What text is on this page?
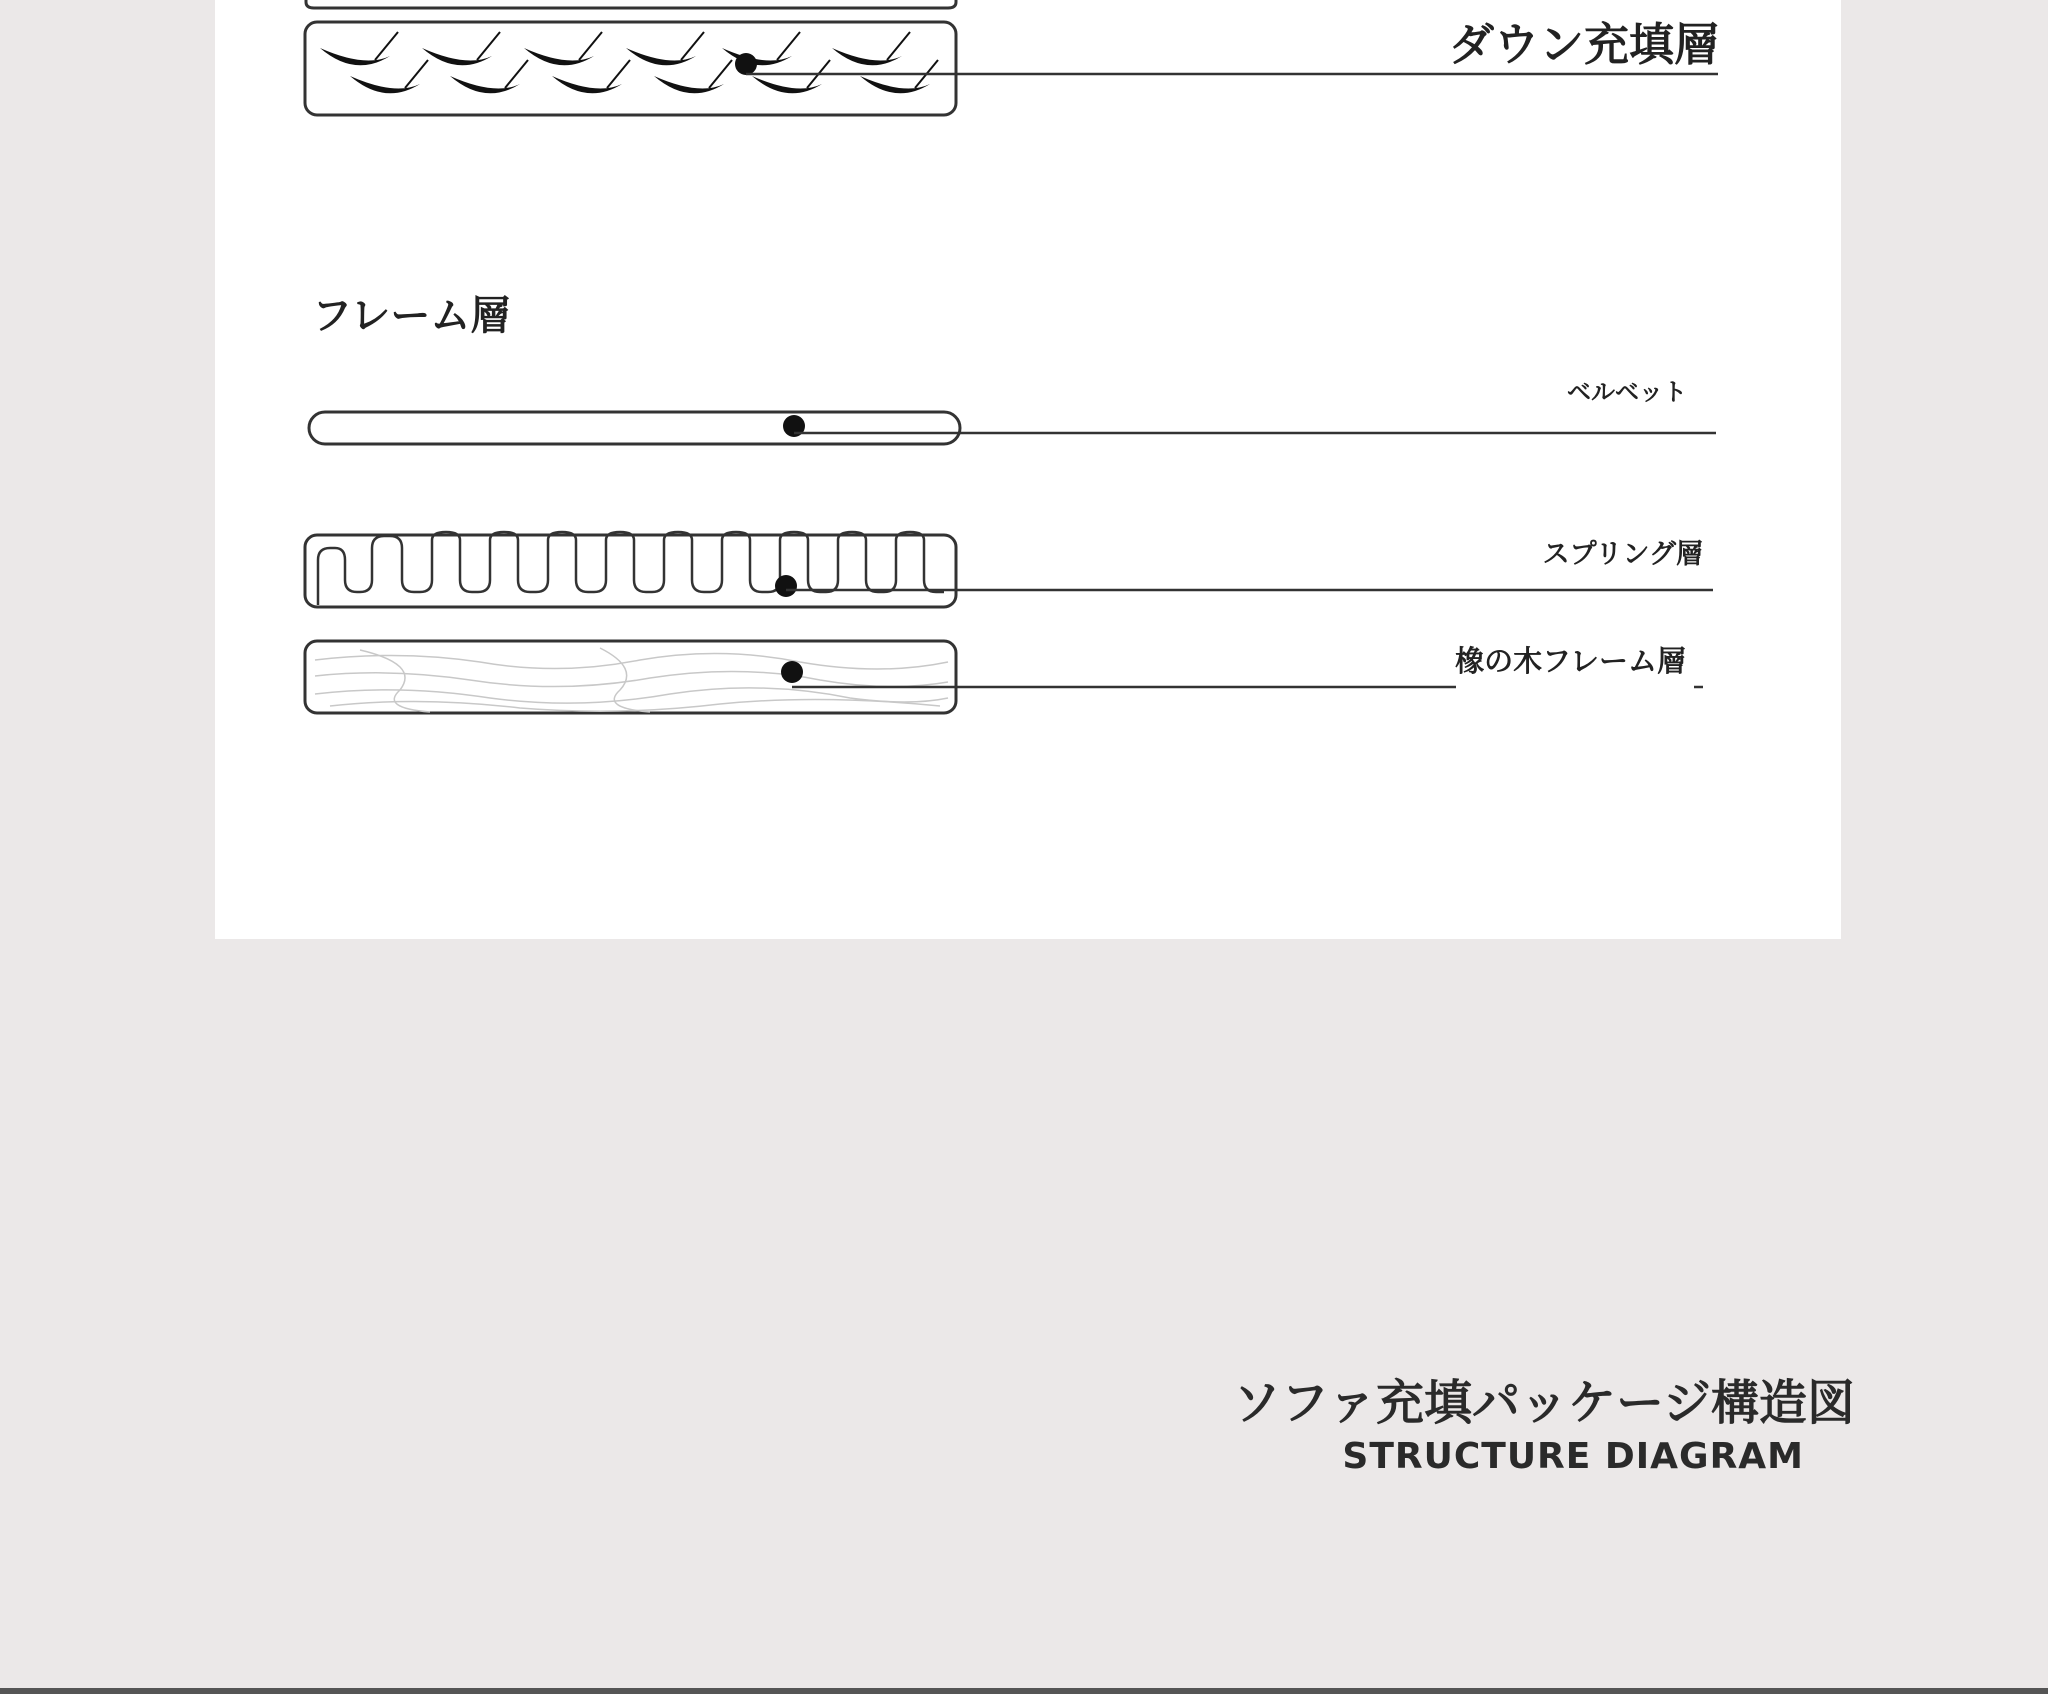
ダウン充填層
フレーム層
ベルベット
スプリング層
橡の木フレーム層
ソファ充填パッケージ構造図
STRUCTURE DIAGRAM
